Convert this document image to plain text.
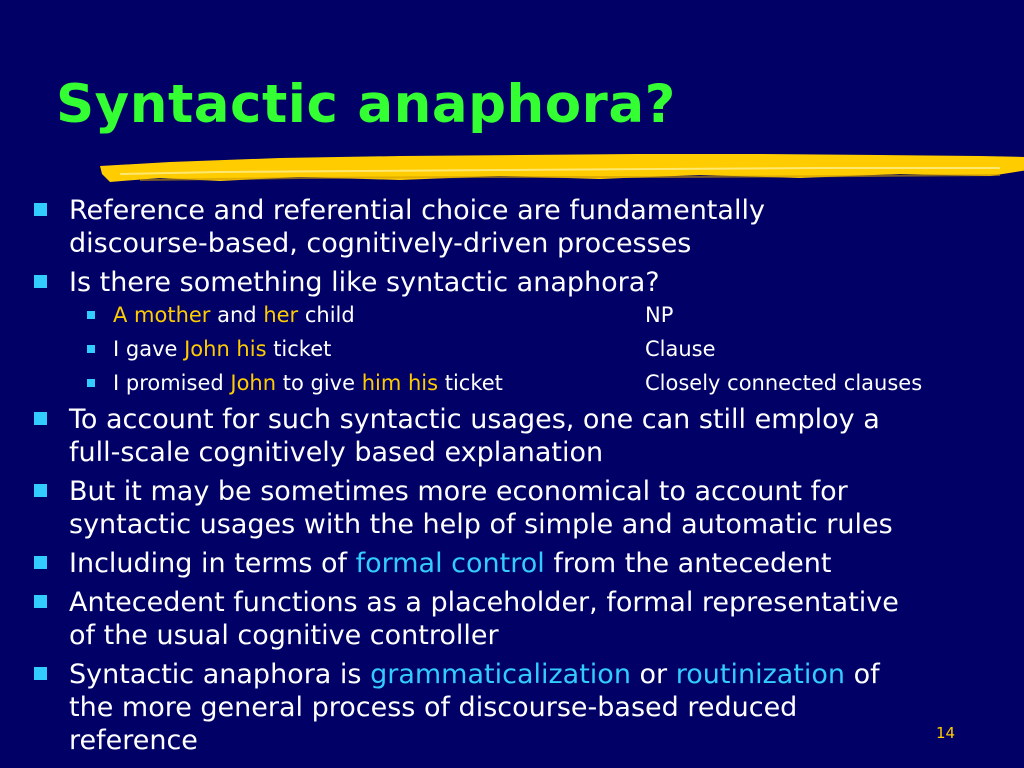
Syntactic anaphora?
Reference and referential choice are fundamentally
discourse-based, cognitively-driven processes
Is there something like syntactic anaphora?
A mother and her child	NP
I gave John his ticket	Clause
I promised John to give him his ticket	Closely connected clauses
To account for such syntactic usages, one can still employ a
full-scale cognitively based explanation
But it may be sometimes more economical to account for
syntactic usages with the help of simple and automatic rules
Including in terms of formal control from the antecedent
Antecedent functions as a placeholder, formal representative
of the usual cognitive controller
Syntactic anaphora is grammaticalization or routinization of
the more general process of discourse-based reduced
reference	14
